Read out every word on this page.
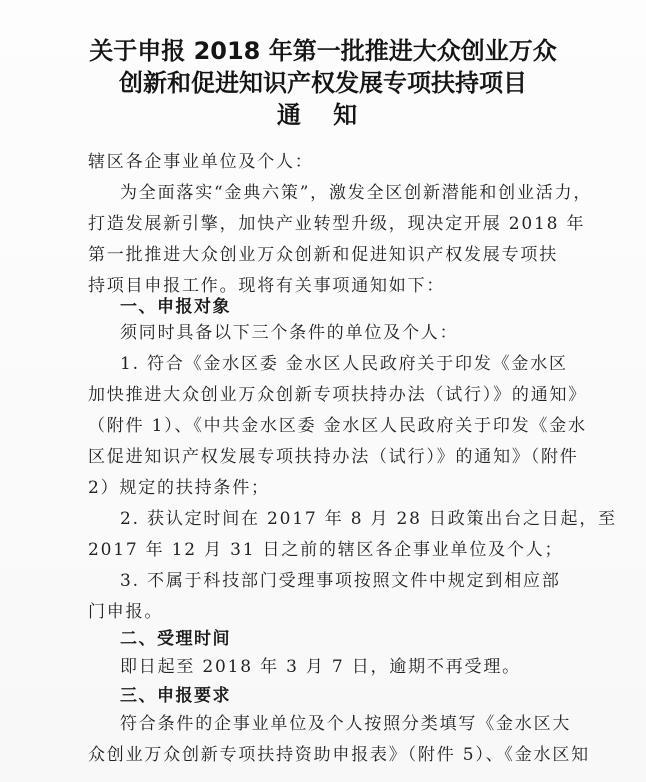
关于申报 2018 年第一批推进大众创业万众
创新和促进知识产权发展专项扶持项目
通 知
辖区各企事业单位及个人：
为全面落实“金典六策”，激发全区创新潜能和创业活力，
打造发展新引擎，加快产业转型升级，现决定开展 2018 年
第一批推进大众创业万众创新和促进知识产权发展专项扶
持项目申报工作。现将有关事项通知如下：
一、申报对象
须同时具备以下三个条件的单位及个人：
1. 符合《金水区委 金水区人民政府关于印发《金水区
加快推进大众创业万众创新专项扶持办法（试行）》的通知》
（附件 1）、《中共金水区委 金水区人民政府关于印发《金水
区促进知识产权发展专项扶持办法（试行）》的通知》（附件
2）规定的扶持条件；
2. 获认定时间在 2017 年 8 月 28 日政策出台之日起，至
2017 年 12 月 31 日之前的辖区各企事业单位及个人；
3. 不属于科技部门受理事项按照文件中规定到相应部
门申报。
二、受理时间
即日起至 2018 年 3 月 7 日，逾期不再受理。
三、申报要求
符合条件的企事业单位及个人按照分类填写《金水区大
众创业万众创新专项扶持资助申报表》（附件 5）、《金水区知
